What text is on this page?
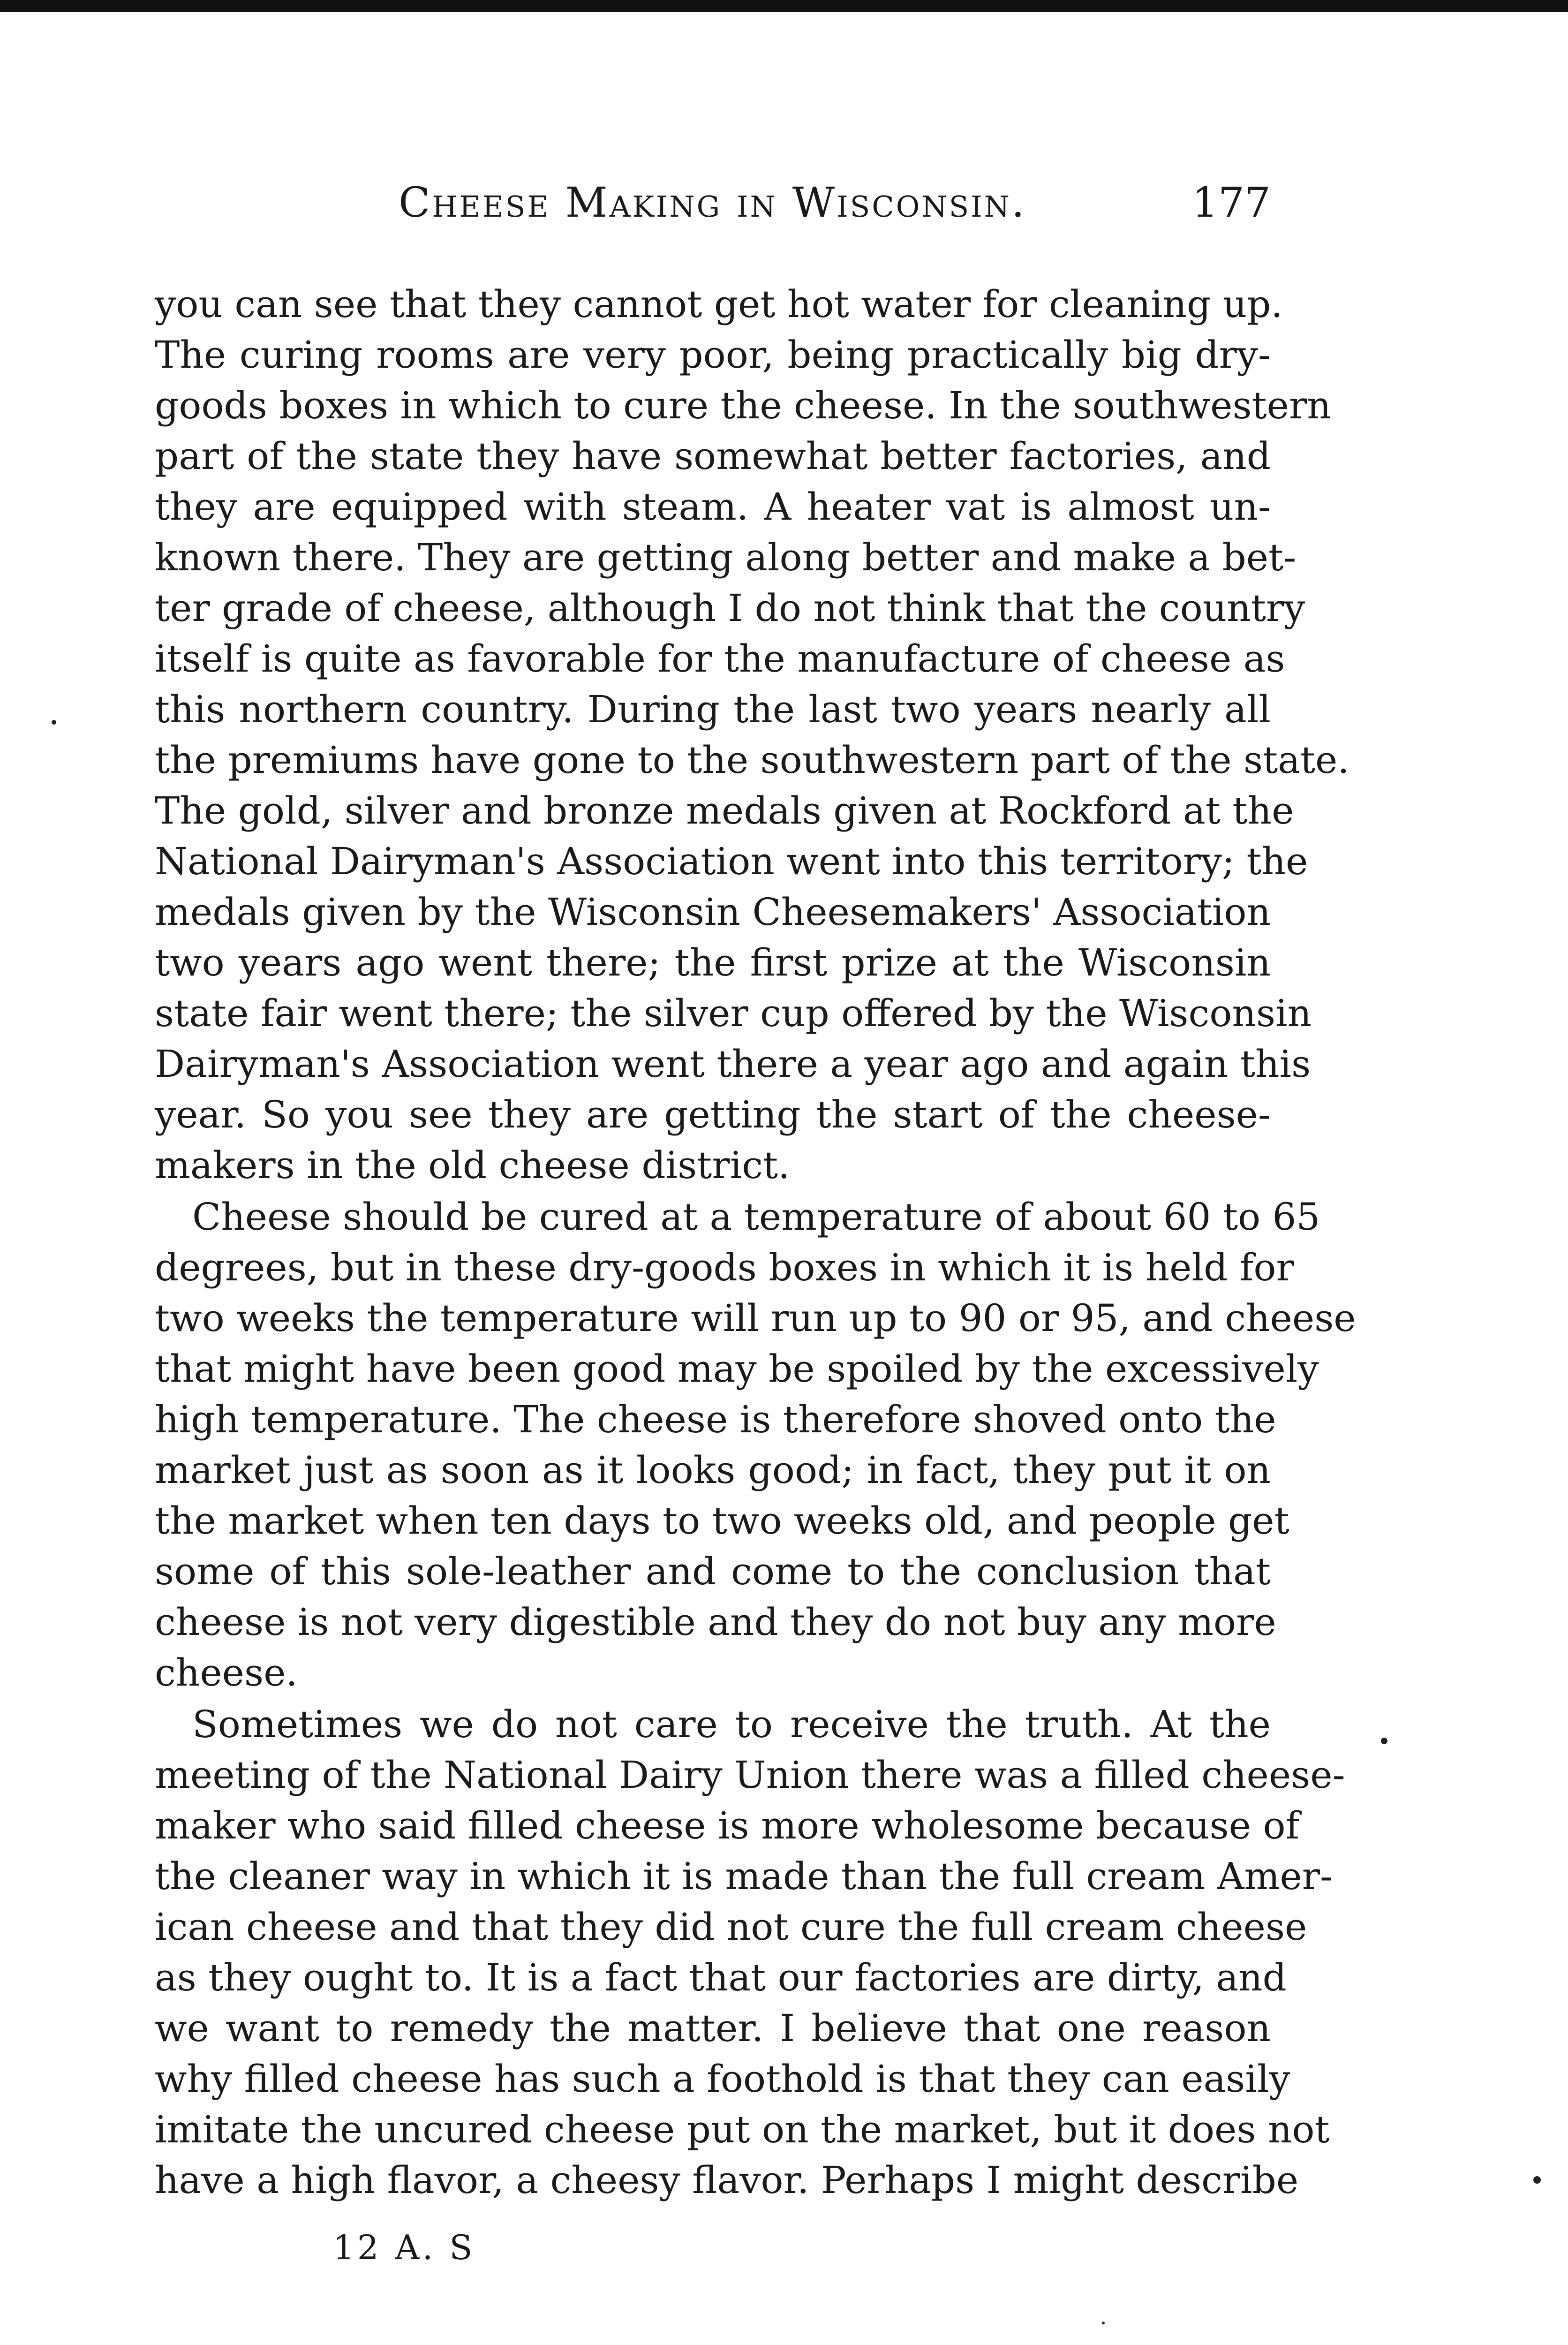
Cheese Making in Wisconsin.	177
you can see that they cannot get hot water for cleaning up.
The curing rooms are very poor, being practically big dry-
goods boxes in which to cure the cheese. In the southwestern
part of the state they have somewhat better factories, and
they are equipped with steam. A heater vat is almost un-
known there. They are getting along better and make a bet-
ter grade of cheese, although I do not think that the country
itself is quite as favorable for the manufacture of cheese as
this northern country. During the last two years nearly all
the premiums have gone to the southwestern part of the state.
The gold, silver and bronze medals given at Rockford at the
National Dairyman's Association went into this territory; the
medals given by the Wisconsin Cheesemakers' Association
two years ago went there; the first prize at the Wisconsin
state fair went there; the silver cup offered by the Wisconsin
Dairyman's Association went there a year ago and again this
year. So you see they are getting the start of the cheese-
makers in the old cheese district.
Cheese should be cured at a temperature of about 60 to 65
degrees, but in these dry-goods boxes in which it is held for
two weeks the temperature will run up to 90 or 95, and cheese
that might have been good may be spoiled by the excessively
high temperature. The cheese is therefore shoved onto the
market just as soon as it looks good; in fact, they put it on
the market when ten days to two weeks old, and people get
some of this sole-leather and come to the conclusion that
cheese is not very digestible and they do not buy any more
cheese.
Sometimes we do not care to receive the truth. At the
meeting of the National Dairy Union there was a filled cheese-
maker who said filled cheese is more wholesome because of
the cleaner way in which it is made than the full cream Amer-
ican cheese and that they did not cure the full cream cheese
as they ought to. It is a fact that our factories are dirty, and
we want to remedy the matter. I believe that one reason
why filled cheese has such a foothold is that they can easily
imitate the uncured cheese put on the market, but it does not
have a high flavor, a cheesy flavor. Perhaps I might describe
12 A. S
